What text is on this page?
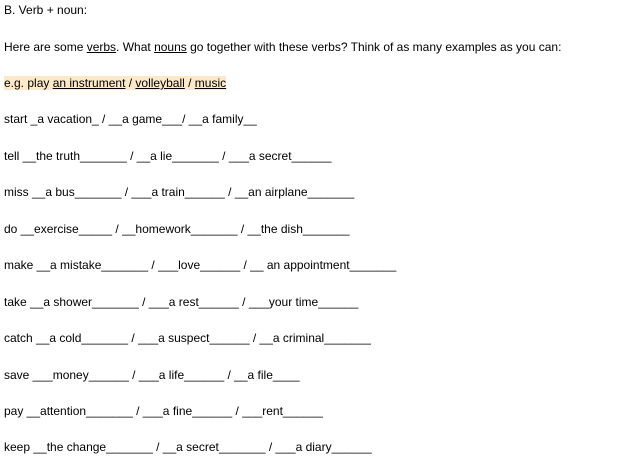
B. Verb + noun:
Here are some verbs. What nouns go together with these verbs? Think of as many examples as you can:
e.g. play an instrument / volleyball / music
start _a vacation_ / __a game___/ __a family__
tell __the truth_______ / __a lie_______ / ___a secret______
miss __a bus_______ / ___a train______ / __an airplane_______
do __exercise_____ / __homework_______ / __the dish_______
make __a mistake_______ / ___love______ / __ an appointment_______
take __a shower_______ / ___a rest______ / ___your time______
catch __a cold_______ / ___a suspect______ / __a criminal_______
save ___money______ / ___a life______ / __a file____
pay __attention_______ / ___a fine______ / ___rent______
keep __the change_______ / __a secret_______ / ___a diary______
